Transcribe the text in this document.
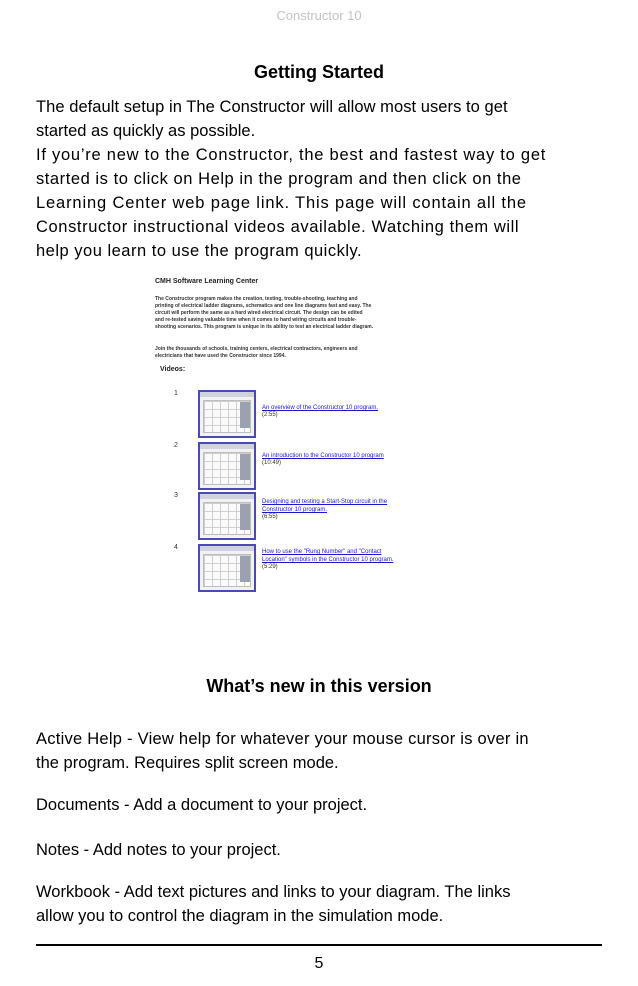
Constructor 10
Getting Started
The default setup in The Constructor will allow most users to get
started as quickly as possible.
If you’re new to the Constructor, the best and fastest way to get
started is to click on Help in the program and then click on the
Learning Center web page link. This page will contain all the
Constructor instructional videos available. Watching them will
help you learn to use the program quickly.
CMH Software Learning Center
The Constructor program makes the creation, testing, trouble-shooting, teaching and
printing of electrical ladder diagrams, schematics and one line diagrams fast and easy. The
circuit will perform the same as a hard wired electrical circuit. The design can be edited
and re-tested saving valuable time when it comes to hard wiring circuits and trouble-
shooting scenarios. This program is unique in its ability to test an electrical ladder diagram.
Join the thousands of schools, training centers, electrical contractors, engineers and
electricians that have used the Constructor since 1994.
Videos:
1
An overview of the Constructor 10 program.
(2:55)
2
An introduction to the Constructor 10 program
(10:49)
3
Designing and testing a Start-Stop circuit in the
Constructor 10 program.
(6:55)
4
How to use the "Rung Number" and "Contact
Location" symbols in the Constructor 10 program.
(5:29)
What’s new in this version
Active Help - View help for whatever your mouse cursor is over in
the program. Requires split screen mode.
Documents - Add a document to your project.
Notes - Add notes to your project.
Workbook - Add text pictures and links to your diagram. The links
allow you to control the diagram in the simulation mode.
5
